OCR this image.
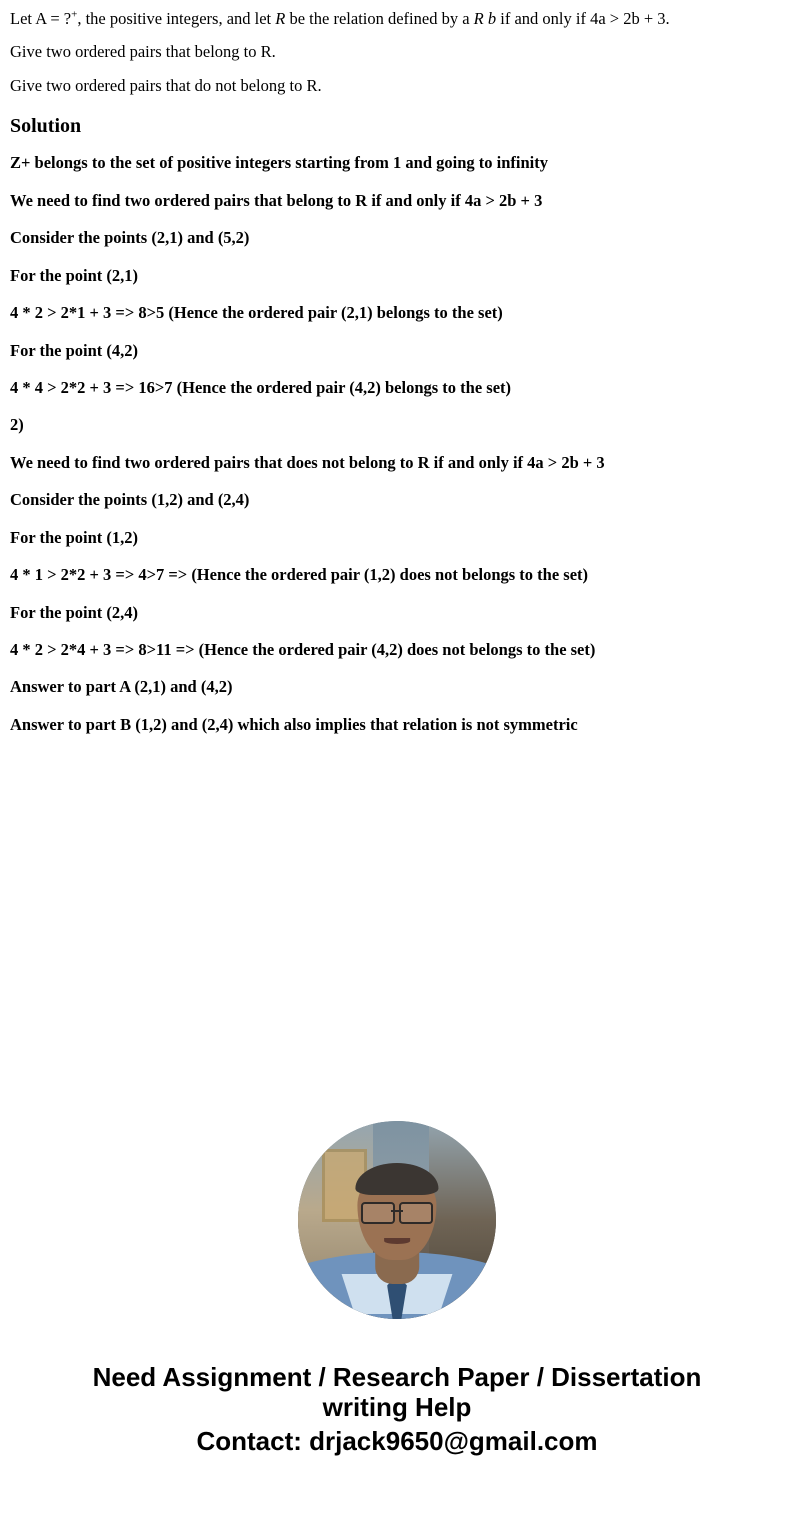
Let A = ?+, the positive integers, and let R be the relation defined by a R b if and only if 4a > 2b + 3.

Give two ordered pairs that belong to R.

Give two ordered pairs that do not belong to R.

Solution

Z+ belongs to the set of positive integers starting from 1 and going to infinity

We need to find two ordered pairs that belong to R if and only if 4a > 2b + 3

Consider the points (2,1) and (5,2)

For the point (2,1)

4 * 2 > 2*1 + 3 => 8>5 (Hence the ordered pair (2,1) belongs to the set)

For the point (4,2)

4 * 4 > 2*2 + 3 => 16>7 (Hence the ordered pair (4,2) belongs to the set)

2)

We need to find two ordered pairs that does not belong to R if and only if 4a > 2b + 3

Consider the points (1,2) and (2,4)

For the point (1,2)

4 * 1 > 2*2 + 3 => 4>7 => (Hence the ordered pair (1,2) does not belongs to the set)

For the point (2,4)

4 * 2 > 2*4 + 3 => 8>11 => (Hence the ordered pair (4,2) does not belongs to the set)

Answer to part A (2,1) and (4,2)

Answer to part B (1,2) and (2,4) which also implies that relation is not symmetric

Need Assignment / Research Paper / Dissertation
writing Help
Contact: drjack9650@gmail.com
